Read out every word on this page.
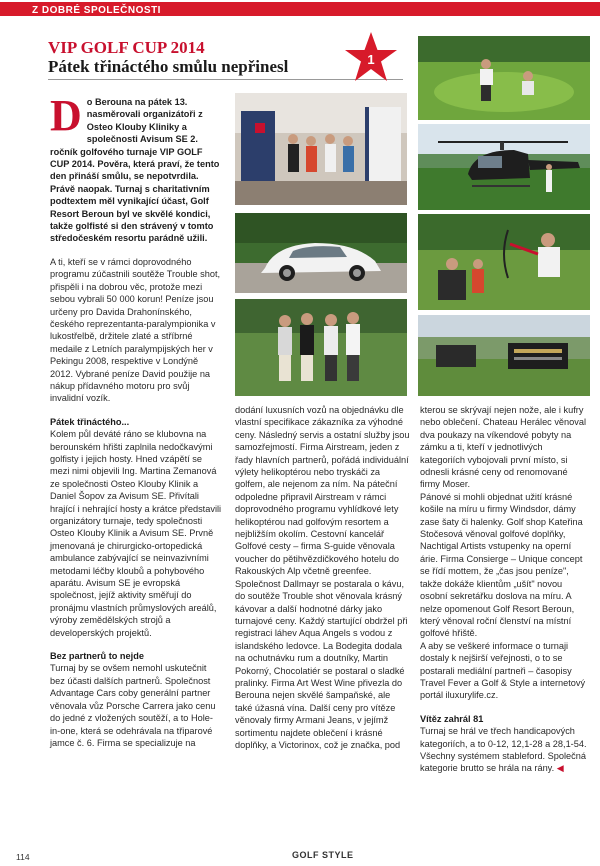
Z DOBRÉ SPOLEČNOSTI
VIP GOLF CUP 2014
Pátek třináctého smůlu nepřinesl	1

Do Berouna na pátek 13. nasměrovali organizátoři z Osteo Klouby Kliniky a společnosti Avisum SE 2. ročník golfového turnaje VIP GOLF CUP 2014. Pověra, která praví, že tento den přináší smůlu, se nepotvrdila. Právě naopak. Turnaj s charitativním podtextem měl vynikající účast, Golf Resort Beroun byl ve skvělé kondici, takže golfisté si den strávený v tomto středočeském resortu parádně užili.

A ti, kteří se v rámci doprovodného programu zúčastnili soutěže Trouble shot, přispěli i na dobrou věc, protože mezi sebou vybrali 50 000 korun! Peníze jsou určeny pro Davida Drahonínského, českého reprezentanta-paralympionika v lukostřelbě, držitele zlaté a stříbrné medaile z Letních paralympijských her v Pekingu 2008, respektive v Londýně 2012. Vybrané peníze David použije na nákup přídavného motoru pro svůj invalidní vozík.

Pátek třináctého...

Kolem půl deváté ráno se klubovna na berounském hřišti zaplnila nedočkavými golfisty i jejich hosty. Hned vzápětí se mezi nimi objevili Ing. Martina Zemanová ze společnosti Osteo Klouby Klinik a Daniel Šopov za Avisum SE. Přivítali hrající i nehrající hosty a krátce představili organizátory turnaje, tedy společnosti Osteo Klouby Klinik a Avisum SE. Prvně jmenovaná je chirurgicko-ortopedická ambulance zabývající se neinvazivními metodami léčby kloubů a pohybového aparátu. Avisum SE je evropská společnost, jejíž aktivity směřují do pronájmu vlastních průmyslových areálů, výroby zemědělských strojů a developerských projektů.

Bez partnerů to nejde

Turnaj by se ovšem nemohl uskutečnit bez účasti dalších partnerů. Společnost Advantage Cars coby generální partner věnovala vůz Porsche Carrera jako cenu do jedné z vložených soutěží, a to Hole-in-one, která se odehrávala na třiparové jamce č. 6. Firma se specializuje na

dodání luxusních vozů na objednávku dle vlastní specifikace zákazníka za výhodné ceny. Následný servis a ostatní služby jsou samozřejmostí. Firma Airstream, jeden z řady hlavních partnerů, pořádá individuální výlety helikoptérou nebo tryskáči za golfem, ale nejenom za ním. Na páteční odpoledne připravil Airstream v rámci doprovodného programu vyhlídkové lety helikoptérou nad golfovým resortem a nejbližším okolím. Cestovní kancelář Golfové cesty – firma S-guide věnovala voucher do pětihvězdičkového hotelu do Rakouských Alp včetně greenfee. Společnost Dallmayr se postarala o kávu, do soutěže Trouble shot věnovala krásný kávovar a další hodnotné dárky jako turnajové ceny. Každý startující obdržel při registraci láhev Aqua Angels s vodou z islandského ledovce. La Bodegita dodala na ochutnávku rum a doutníky, Martin Pokorný, Chocolatiér se postaral o sladké pralinky. Firma Art West Wine přivezla do Berouna nejen skvělé šampaňské, ale také úžasná vína. Další ceny pro vítěze věnovaly firmy Armani Jeans, v jejímž sortimentu najdete oblečení i krásné doplňky, a Victorinox, což je značka, pod

kterou se skrývají nejen nože, ale i kufry nebo oblečení. Chateau Herálec věnoval dva poukazy na víkendové pobyty na zámku a ti, kteří v jednotlivých kategoriích vybojovali první místo, si odnesli krásné ceny od renomované firmy Moser.

Pánové si mohli objednat užití krásné košile na míru u firmy Windsdor, dámy zase šaty či halenky. Golf shop Kateřina Stočesová věnoval golfové doplňky, Nachtigal Artists vstupenky na operní árie. Firma Consierge – Unique concept se řídí mottem, že „čas jsou peníze", takže dokáže klientům „ušít" novou osobní sekretářku doslova na míru. A nelze opomenout Golf Resort Beroun, který věnoval roční členství na místní golfové hřiště.

A aby se veškeré informace o turnaji dostaly k nejširší veřejnosti, o to se postarali mediální partneři – časopisy Travel Fever a Golf & Style a internetový portál iluxurylife.cz.

Vítěz zahrál 81

Turnaj se hrál ve třech handicapových kategoriích, a to 0-12, 12,1-28 a 28,1-54. Všechny systémem stableford. Společná kategorie brutto se hrála na rány. ◀

114	GOLF STYLE
